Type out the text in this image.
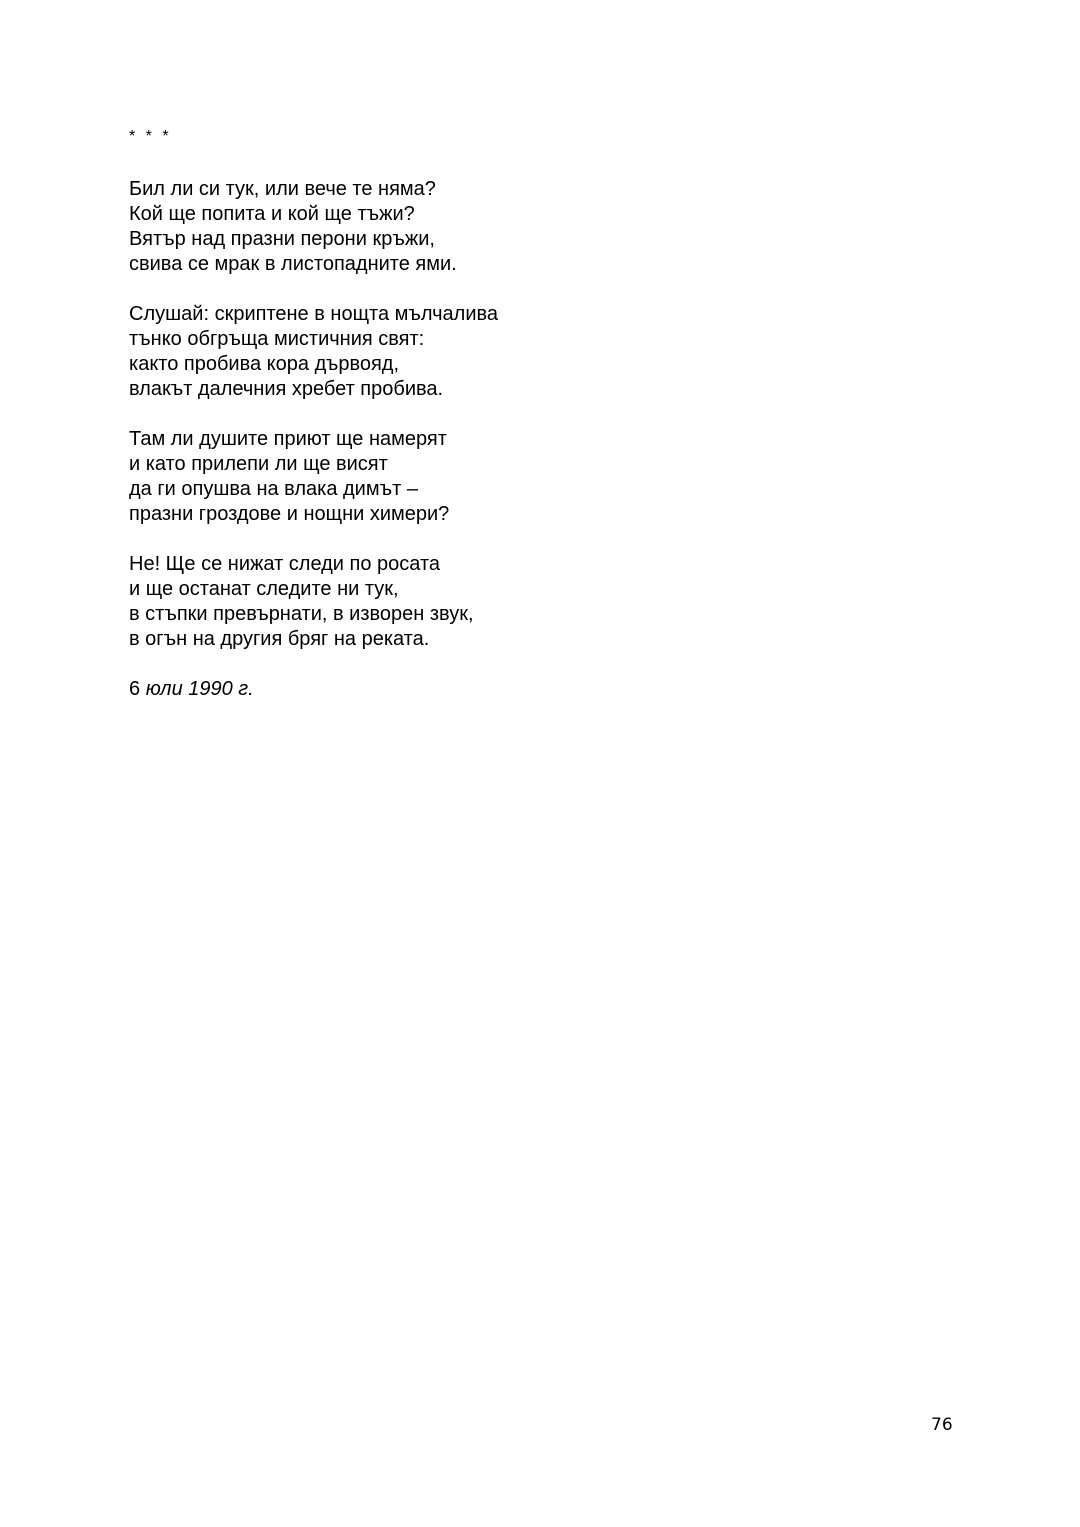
* * *
Бил ли си тук, или вече те няма?
Кой ще попита и кой ще тъжи?
Вятър над празни перони кръжи,
свива се мрак в листопадните ями.
Слушай: скриптене в нощта мълчалива
тънко обгръща мистичния свят:
както пробива кора дървояд,
влакът далечния хребет пробива.
Там ли душите приют ще намерят
и като прилепи ли ще висят
да ги опушва на влака димът –
празни гроздове и нощни химери?
Не! Ще се нижат следи по росата
и ще останат следите ни тук,
в стъпки превърнати, в изворен звук,
в огън на другия бряг на реката.

6 юли 1990 г.

76
